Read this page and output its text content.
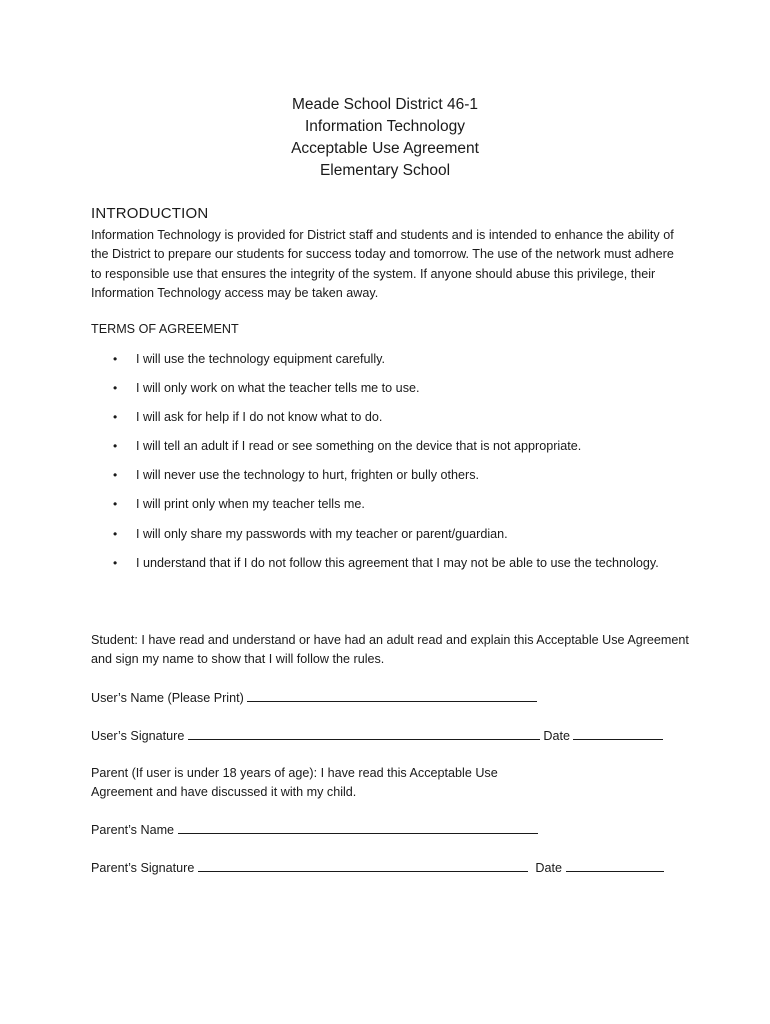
Meade School District 46-1
Information Technology
Acceptable Use Agreement
Elementary School
INTRODUCTION
Information Technology is provided for District staff and students and is intended to enhance the ability of the District to prepare our students for success today and tomorrow. The use of the network must adhere to responsible use that ensures the integrity of the system. If anyone should abuse this privilege, their Information Technology access may be taken away.
TERMS OF AGREEMENT
• I will use the technology equipment carefully.
• I will only work on what the teacher tells me to use.
• I will ask for help if I do not know what to do.
• I will tell an adult if I read or see something on the device that is not appropriate.
• I will never use the technology to hurt, frighten or bully others.
• I will print only when my teacher tells me.
• I will only share my passwords with my teacher or parent/guardian.
• I understand that if I do not follow this agreement that I may not be able to use the technology.
Student: I have read and understand or have had an adult read and explain this Acceptable Use Agreement and sign my name to show that I will follow the rules.
User’s Name (Please Print)
User’s Signature	Date
Parent (If user is under 18 years of age): I have read this Acceptable Use Agreement and have discussed it with my child.
Parent’s Name
Parent’s Signature	Date
